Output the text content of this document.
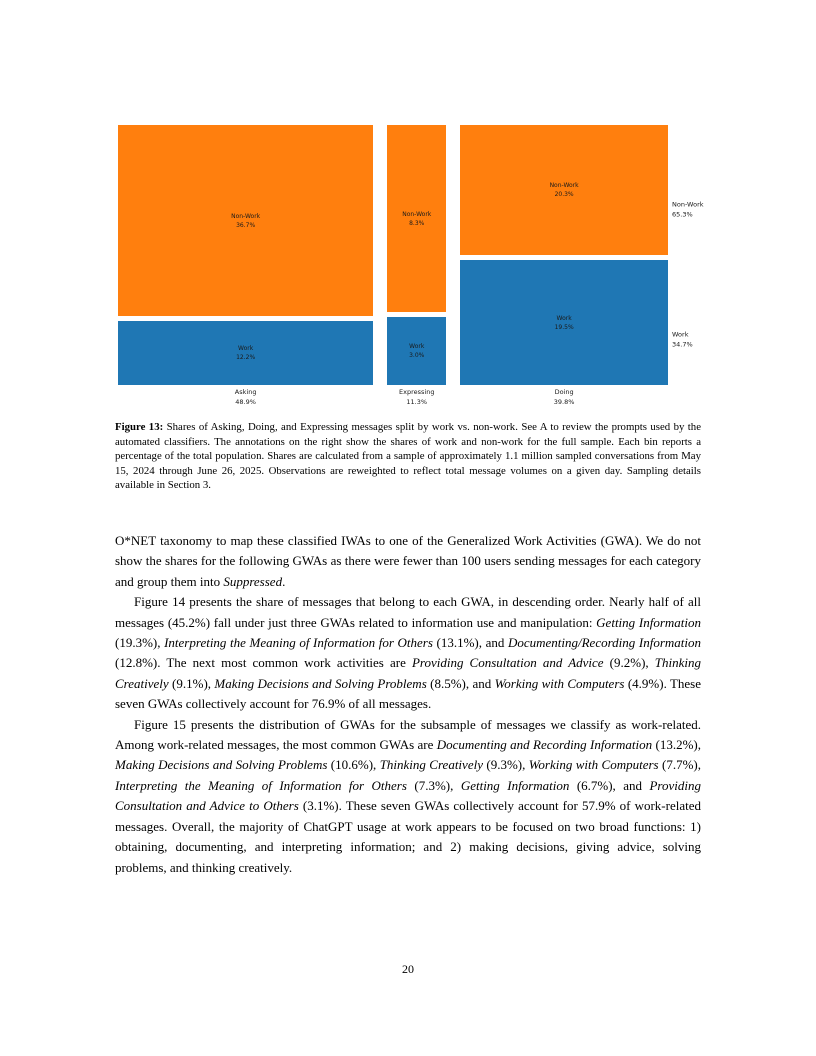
Non-Work
36.7%
Work
12.2%
Asking
48.9%
Non-Work
8.3%
Work
3.0%
Expressing
11.3%
Non-Work
20.3%
Work
19.5%
Doing
39.8%
Non-Work
65.3%
Work
34.7%
Figure 13: Shares of Asking, Doing, and Expressing messages split by work vs. non-work. See A to review the prompts used by the automated classifiers. The annotations on the right show the shares of work and non-work for the full sample. Each bin reports a percentage of the total population. Shares are calculated from a sample of approximately 1.1 million sampled conversations from May 15, 2024 through June 26, 2025. Observations are reweighted to reflect total message volumes on a given day. Sampling details available in Section 3.

O*NET taxonomy to map these classified IWAs to one of the Generalized Work Activities (GWA). We do not show the shares for the following GWAs as there were fewer than 100 users sending messages for each category and group them into Suppressed.

Figure 14 presents the share of messages that belong to each GWA, in descending order. Nearly half of all messages (45.2%) fall under just three GWAs related to information use and manipulation: Getting Information (19.3%), Interpreting the Meaning of Information for Others (13.1%), and Documenting/Recording Information (12.8%). The next most common work activities are Providing Consultation and Advice (9.2%), Thinking Creatively (9.1%), Making Decisions and Solving Problems (8.5%), and Working with Computers (4.9%). These seven GWAs collectively account for 76.9% of all messages.

Figure 15 presents the distribution of GWAs for the subsample of messages we classify as work-related. Among work-related messages, the most common GWAs are Documenting and Recording Information (13.2%), Making Decisions and Solving Problems (10.6%), Thinking Creatively (9.3%), Working with Computers (7.7%), Interpreting the Meaning of Information for Others (7.3%), Getting Information (6.7%), and Providing Consultation and Advice to Others (3.1%). These seven GWAs collectively account for 57.9% of work-related messages. Overall, the majority of ChatGPT usage at work appears to be focused on two broad functions: 1) obtaining, documenting, and interpreting information; and 2) making decisions, giving advice, solving problems, and thinking creatively.

20
